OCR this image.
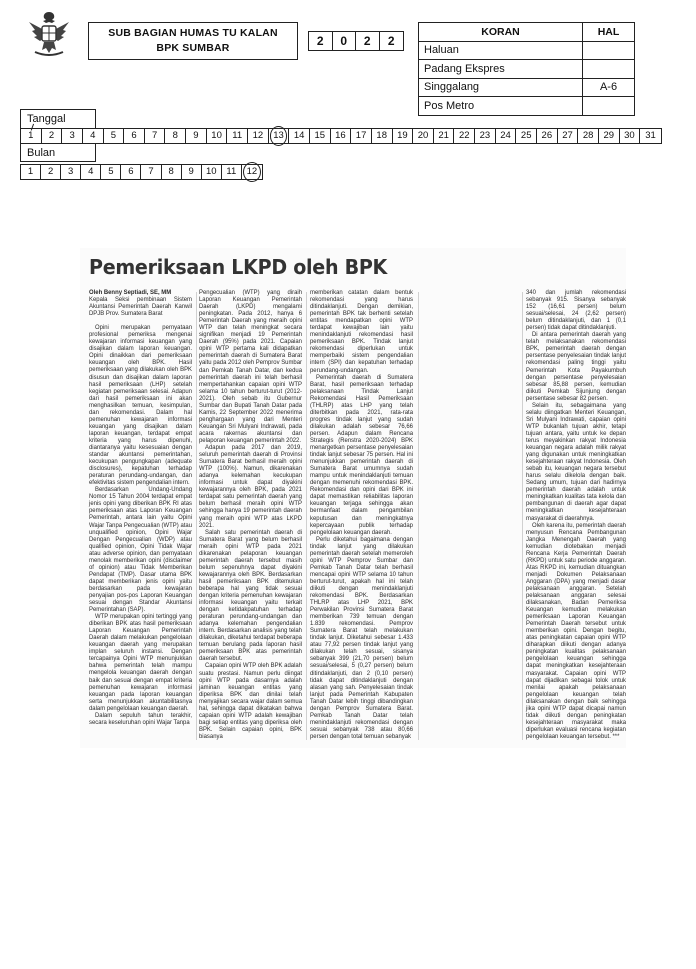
SUB BAGIAN HUMAS TU KALAN
BPK SUMBAR	2	0	2	2
KORAN	HAL
Haluan	
Padang Ekspres	
Singgalang	A-6
Pos Metro	
Tanggal
1	2	3	4	5	6	7	8	9	10	11	12	13	14	15	16	17	18	19	20	21	22	23	24	25	26	27	28	29	30	31
Bulan
1	2	3	4	5	6	7	8	9	10	11	12
Pemeriksaan LKPD oleh BPK

Oleh Benny Septiadi, SE, MM

Kepala Seksi pembinaan Sistem Akuntansi Pemerintah Daerah Kanwil DPJB Prov. Sumatera Barat

Opini merupakan pernyataan profesional pemeriksa mengenai kewajaran informasi keuangan yang disajikan dalam laporan keuangan. Opini dinaikkan dari pemeriksaan keuangan oleh BPK. Hasil pemeriksaan yang dilakukan oleh BPK disusun dan disajikan dalam laporan hasil pemeriksaan (LHP) setelah kegiatan pemeriksaan selesai. Adapun dari hasil pemeriksaan ini akan menghasilkan temuan, kesimpulan, dan rekomendasi. Dalam hal pemenuhan kewajaran informasi keuangan yang disajikan dalam laporan keuangan, terdapat empat kriteria yang harus dipenuhi, diantaranya yaitu kesesuaian dengan standar akuntansi pemerintahan, kecukupan pengungkapan (adequate disclosures), kepatuhan terhadap peraturan perundang-undangan, dan efektivitas sistem pengendalian intern.

Berdasarkan Undang-Undang Nomor 15 Tahun 2004 terdapat empat jenis opini yang diberikan BPK RI atas pemeriksaan atas Laporan Keuangan Pemerintah, antara lain yaitu Opini Wajar Tanpa Pengecualian (WTP) atau unqualified opinion, Opini Wajar Dengan Pengecualian (WDP) atau qualified opinion, Opini Tidak Wajar atau adverse opinion, dan pernyataan menolak memberikan opini (disclaimer of opinion) atau Tidak Memberikan Pendapat (TMP). Dasar utama BPK dapat memberikan jenis opini yaitu berdasarkan pada kewajaran penyajian pos-pos Laporan Keuangan sesuai dengan Standar Akuntansi Pemerintahan (SAP).

WTP merupakan opini tertinggi yang diberikan BPK atas hasil pemeriksaan Laporan Keuangan Pemerintah Daerah dalam melakukan pengelolaan keuangan daerah yang merupakan implan seluruh instansi. Dengan tercapainya Opini WTP menunjukkan bahwa pemerintah telah mampu mengelola keuangan daerah dengan baik dan sesuai dengan empat kriteria pemenuhan kewajaran informasi keuangan pada laporan keuangan serta menunjukkan akuntabilitasnya dalam pengelolaan keuangan daerah.

Dalam sepuluh tahun terakhir, secara keseluruhan opini Wajar Tanpa

Pengecualian (WTP) yang diraih Laporan Keuangan Pemerintah Daerah (LKPD) mengalami peningkatan. Pada 2012, hanya 6 Pemerintah Daerah yang meraih opini WTP dan telah meningkat secara signifikan menjadi 19 Pemerintah Daerah (95%) pada 2021. Capaian opini WTP pertama kali didapatkan pemerintah daerah di Sumatera Barat yaitu pada 2012 oleh Pemprov Sumbar dan Pemkab Tanah Datar, dan kedua pemerintah daerah ini telah berhasil mempertahankan capaian opini WTP selama 10 tahun berturut-turut (2012-2021). Oleh sebab itu Gubernur Sumbar dan Bupati Tanah Datar pada Kamis, 22 September 2022 menerima penghargaan yang dari Menteri Keuangan Sri Mulyani Indrawati, pada acara rakernas akuntansi dan pelaporan keuangan pemerintah 2022.

Adapun pada 2017 dan 2019, seluruh pemerintah daerah di Provinsi Sumatera Barat berhasil meraih opini WTP (100%). Namun, dikarenakan adanya kelemahan kecukupan informasi untuk dapat diyakini kewajarannya oleh BPK, pada 2021 terdapat satu pemerintah daerah yang belum berhasil meraih opini WTP sehingga hanya 19 pemerintah daerah yang meraih opini WTP atas LKPD 2021.

Salah satu pemerintah daerah di Sumatera Barat yang belum berhasil meraih opini WTP pada 2021 dikarenakan pelaporan keuangan pemerintah daerah tersebut masih belum sepenuhnya dapat diyakini kewajarannya oleh BPK. Berdasarkan hasil pemeriksaan BPK ditemukan beberapa hal yang tidak sesuai dengan kriteria pemenuhan kewajaran informasi keuangan yaitu terkait dengan ketidakpatuhan terhadap peraturan perundang-undangan dan adanya kelemahan pengendalian intern. Berdasarkan analisis yang telah dilakukan, diketahui terdapat beberapa temuan berulang pada laporan hasil pemeriksaan BPK atas pemerintah daerah tersebut.

Capaian opini WTP oleh BPK adalah suatu prestasi. Namun perlu diingat opini WTP pada dasarnya adalah jaminan keuangan entitas yang diperiksa BPK dan dinilai telah menyajikan secara wajar dalam semua hal, sehingga dapat dikatakan bahwa capaian opini WTP adalah kewajiban bagi setiap entitas yang diperiksa oleh BPK. Selain capaian opini, BPK biasanya

memberikan catatan dalam bentuk rekomendasi yang harus ditindaklanjuti. Dengan demikian, pemerintah BPK tak berhenti setelah entitas mendapatkan opini WTP terdapat kewajiban lain yaitu menindaklanjuti rekomendasi hasil pemeriksaan BPK. Tindak lanjut rekomendasi diperlukan untuk memperbaiki sistem pengendalian intern (SPI) dan kepatuhan terhadap perundang-undangan.

Pemerintah daerah di Sumatera Barat, hasil pemeriksaan terhadap pelaksanaan Tindak Lanjut Rekomendasi Hasil Pemeriksaan (THLRP) atas LHP yang telah diterbitkan pada 2021, rata-rata progres tindak lanjut yang sudah dilakukan adalah sebesar 76,66 persen. Adapun dalam Rencana Strategis (Renstra 2020-2024) BPK menargetkan persentase penyelesaian tindak lanjut sebesar 75 persen. Hal ini menunjukkan pemerintah daerah di Sumatera Barat umumnya sudah mampu untuk menindaklanjuti temuan dengan memenuhi rekomendasi BPK. Rekomendasi dan opini dari BPK ini dapat memastikan reliabilitas laporan keuangan terjaga sehingga akan bermanfaat dalam pengambilan keputusan dan meningkatnya kepercayaan publik terhadap pengelolaan keuangan daerah.

Perlu diketahui bagaimana dengan tindak lanjut yang dilakukan pemerintah daerah setelah memeroleh opini WTP Pemprov Sumbar dan Pemkab Tanah Datar telah berhasil mencapai opini WTP selama 10 tahun berturut-turut, apakah hal ini telah diikuti dengan menindaklanjuti rekomendasi BPK. Berdasarkan THLRP atas LHP 2021, BPK Perwakilan Provinsi Sumatera Barat memberikan 739 temuan dengan 1.839 rekomendasi. Pemprov Sumatera Barat telah melakukan tindak lanjut. Diketahui sebesar 1.433 atau 77,92 persen tindak lanjut yang dilakukan telah sesuai, sisanya sebanyak 399 (21,70 persen) belum sesuai/selesai, 5 (0,27 persen) belum ditindaklanjuti, dan 2 (0,10 persen) tidak dapat ditindaklanjuti dengan alasan yang sah. Penyelesaian tindak lanjut pada Pemerintah Kabupaten Tanah Datar lebih tinggi dibandingkan dengan Pemprov Sumatera Barat. Pemkab Tanah Datar telah menindaklanjuti rekomendasi dengan sesuai sebanyak 738 atau 80,66 persen dengan total temuan sebanyak

340 dan jumlah rekomendasi sebanyak 915. Sisanya sebanyak 152 (16,61 persen) belum sesuai/selesai, 24 (2,62 persen) belum ditindaklanjuti, dan 1 (0,1 persen) tidak dapat ditindaklanjuti.

Di antara pemerintah daerah yang telah melaksanakan rekomendasi BPK, pemerintah daerah dengan persentase penyelesaian tindak lanjut rekomendasi paling tinggi yaitu Pemerintah Kota Payakumbuh dengan persentase penyelesaian sebesar 85,88 persen, kemudian diikuti Pemkab Sijunjung dengan persentase sebesar 82 persen.

Selain itu, sebagaimana yang selalu diingatkan Menteri Keuangan, Sri Mulyani Indrawati, capaian opini WTP bukanlah tujuan akhir, tetapi tujuan antara, yaitu untuk ke depan terus meyakinkan rakyat Indonesia keuangan negara adalah milik rakyat yang digunakan untuk meningkatkan kesejahteraan rakyat Indonesia. Oleh sebab itu, keuangan negara tersebut harus selalu dikelola dengan baik. Sedang umum, tujuan dari hadirnya pemerintah daerah adalah untuk meningkatkan kualitas tata kelola dan pembangunan di daerah agar dapat meningkatkan kesejahteraan masyarakat di daerahnya.

Oleh karena itu, pemerintah daerah menyusun Rencana Pembangunan Jangka Menengah Daerah yang kemudian diotebakan menjadi Rencana Kerja Pemerintah Daerah (RKPD) untuk satu periode anggaran. Atas RKPD ini, kemudian dituangkan menjadi Dokumen Pelaksanaan Anggaran (DPA) yang menjadi dasar pelaksanaan anggaran. Setelah pelaksanaan anggaran selesai dilaksanakan, Badan Pemeriksa Keuangan kemudian melakukan pemeriksaan Laporan Keuangan Pemerintah Daerah tersebut untuk memberikan opini. Dengan begitu, atas peningkatan capaian opini WTP diharapkan diikuti dengan adanya peningkatan kualitas pelaksanaan pengelolaan keuangan sehingga dapat meningkatkan kesejahteraan masyarakat. Capaian opini WTP dapat dijadikan sebagai tolok untuk menilai apakah pelaksanaan pengelolaan keuangan telah dilaksanakan dengan baik sehingga jika opini WTP dapat dicapai namun tidak diikuti dengan peningkatan kesejahteraan masyarakat maka diperlukan evaluasi rencana kegiatan pengelolaan keuangan tersebut. ***
